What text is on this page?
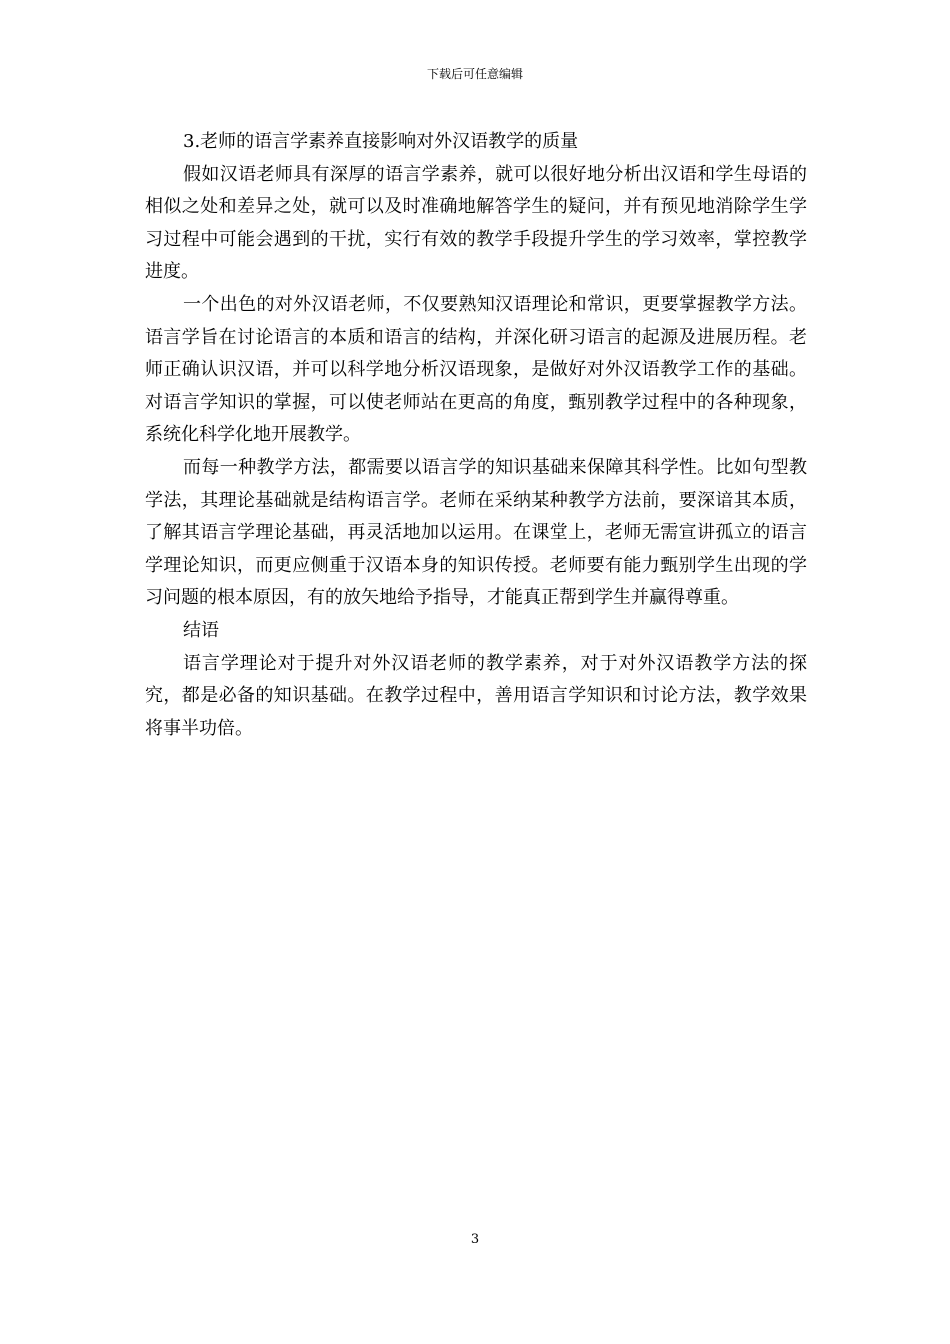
下载后可任意编辑

3.老师的语言学素养直接影响对外汉语教学的质量

假如汉语老师具有深厚的语言学素养，就可以很好地分析出汉语和学生母语的相似之处和差异之处，就可以及时准确地解答学生的疑问，并有预见地消除学生学习过程中可能会遇到的干扰，实行有效的教学手段提升学生的学习效率，掌控教学进度。

一个出色的对外汉语老师，不仅要熟知汉语理论和常识，更要掌握教学方法。语言学旨在讨论语言的本质和语言的结构，并深化研习语言的起源及进展历程。老师正确认识汉语，并可以科学地分析汉语现象，是做好对外汉语教学工作的基础。对语言学知识的掌握，可以使老师站在更高的角度，甄别教学过程中的各种现象，系统化科学化地开展教学。

而每一种教学方法，都需要以语言学的知识基础来保障其科学性。比如句型教学法，其理论基础就是结构语言学。老师在采纳某种教学方法前，要深谙其本质，了解其语言学理论基础，再灵活地加以运用。在课堂上，老师无需宣讲孤立的语言学理论知识，而更应侧重于汉语本身的知识传授。老师要有能力甄别学生出现的学习问题的根本原因，有的放矢地给予指导，才能真正帮到学生并赢得尊重。

结语

语言学理论对于提升对外汉语老师的教学素养，对于对外汉语教学方法的探究，都是必备的知识基础。在教学过程中，善用语言学知识和讨论方法，教学效果将事半功倍。

3
